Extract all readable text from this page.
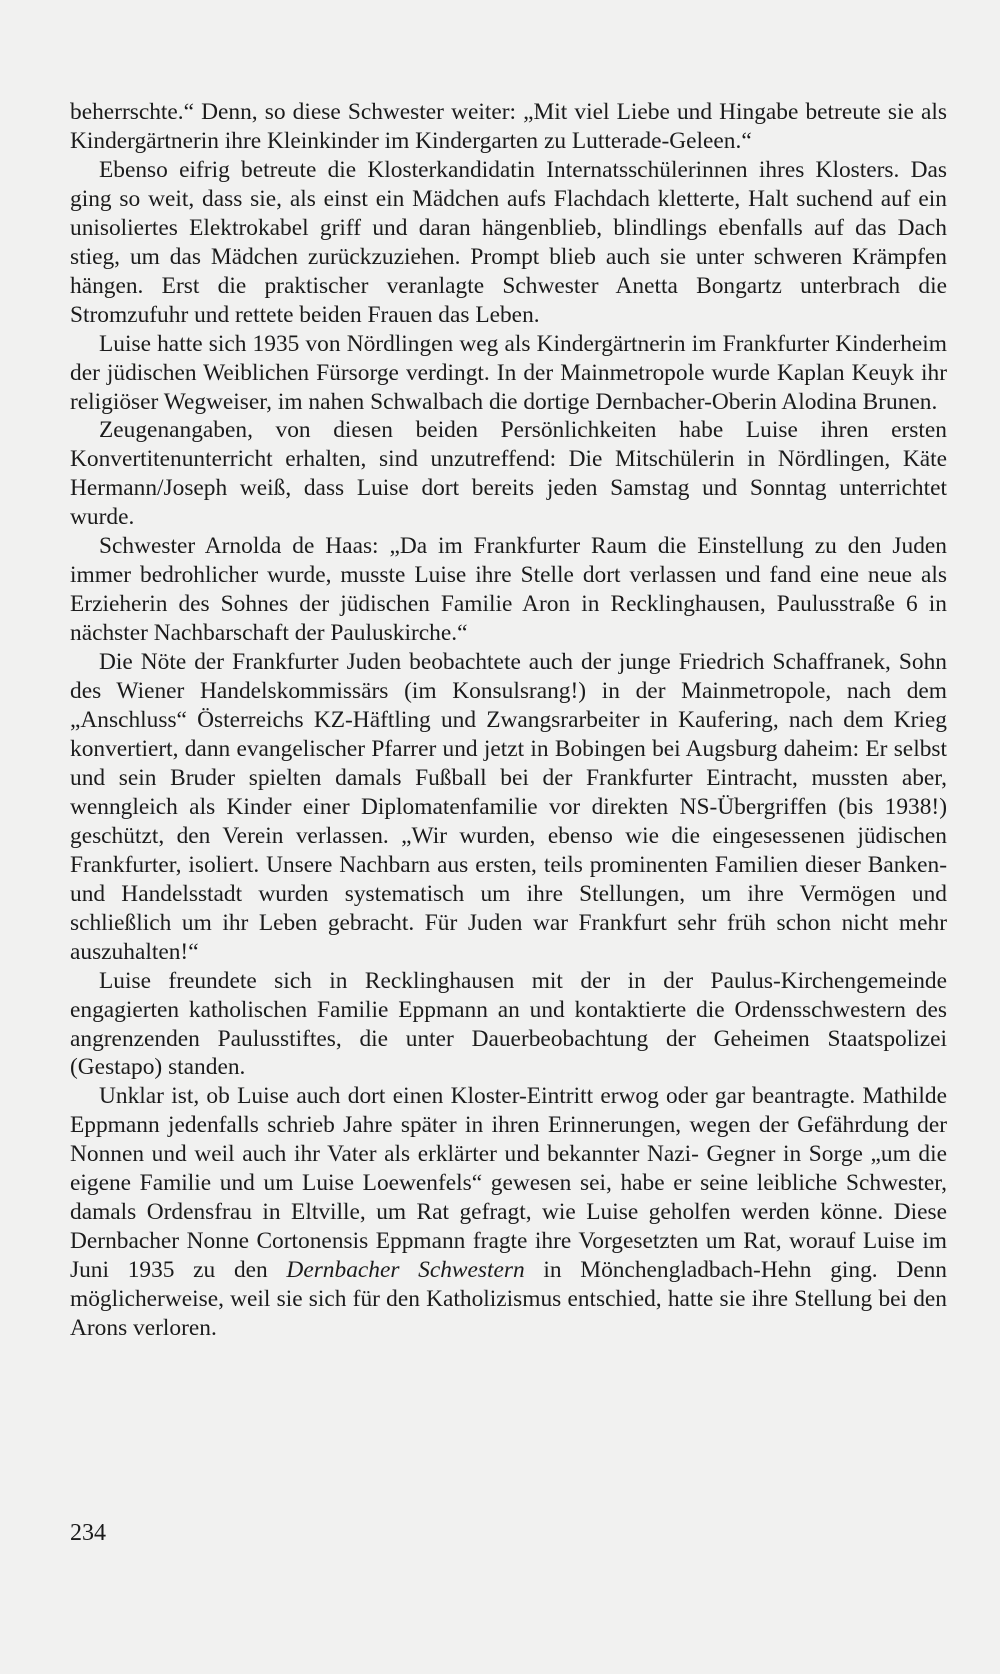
beherrschte.“ Denn, so diese Schwester weiter: „Mit viel Liebe und Hingabe betreute sie als Kindergärtnerin ihre Kleinkinder im Kindergarten zu Lutterade-Geleen.“

Ebenso eifrig betreute die Klosterkandidatin Internatsschülerinnen ihres Klosters. Das ging so weit, dass sie, als einst ein Mädchen aufs Flachdach kletterte, Halt suchend auf ein unisoliertes Elektrokabel griff und daran hängenblieb, blindlings ebenfalls auf das Dach stieg, um das Mädchen zurückzuziehen. Prompt blieb auch sie unter schweren Krämpfen hängen. Erst die praktischer veranlagte Schwester Anetta Bongartz unterbrach die Stromzufuhr und rettete beiden Frauen das Leben.

Luise hatte sich 1935 von Nördlingen weg als Kindergärtnerin im Frankfurter Kinderheim der jüdischen Weiblichen Fürsorge verdingt. In der Mainmetropole wurde Kaplan Keuyk ihr religiöser Wegweiser, im nahen Schwalbach die dortige Dernbacher-Oberin Alodina Brunen.

Zeugenangaben, von diesen beiden Persönlichkeiten habe Luise ihren ersten Konvertitenunterricht erhalten, sind unzutreffend: Die Mitschülerin in Nördlingen, Käte Hermann/Joseph weiß, dass Luise dort bereits jeden Samstag und Sonntag unterrichtet wurde.

Schwester Arnolda de Haas: „Da im Frankfurter Raum die Einstellung zu den Juden immer bedrohlicher wurde, musste Luise ihre Stelle dort verlassen und fand eine neue als Erzieherin des Sohnes der jüdischen Familie Aron in Recklinghausen, Paulusstraße 6 in nächster Nachbarschaft der Pauluskirche.“

Die Nöte der Frankfurter Juden beobachtete auch der junge Friedrich Schaffranek, Sohn des Wiener Handelskommissärs (im Konsulsrang!) in der Mainmetropole, nach dem „Anschluss“ Österreichs KZ-Häftling und Zwangsrarbeiter in Kaufering, nach dem Krieg konvertiert, dann evangelischer Pfarrer und jetzt in Bobingen bei Augsburg daheim: Er selbst und sein Bruder spielten damals Fußball bei der Frankfurter Eintracht, mussten aber, wenngleich als Kinder einer Diplomatenfamilie vor direkten NS-Übergriffen (bis 1938!) geschützt, den Verein verlassen. „Wir wurden, ebenso wie die eingesessenen jüdischen Frankfurter, isoliert. Unsere Nachbarn aus ersten, teils prominenten Familien dieser Banken- und Handelsstadt wurden systematisch um ihre Stellungen, um ihre Vermögen und schließlich um ihr Leben gebracht. Für Juden war Frankfurt sehr früh schon nicht mehr auszuhalten!“

Luise freundete sich in Recklinghausen mit der in der Paulus-Kirchengemeinde engagierten katholischen Familie Eppmann an und kontaktierte die Ordensschwestern des angrenzenden Paulusstiftes, die unter Dauerbeobachtung der Geheimen Staatspolizei (Gestapo) standen.

Unklar ist, ob Luise auch dort einen Kloster-Eintritt erwog oder gar beantragte. Mathilde Eppmann jedenfalls schrieb Jahre später in ihren Erinnerungen, wegen der Gefährdung der Nonnen und weil auch ihr Vater als erklärter und bekannter Nazi- Gegner in Sorge „um die eigene Familie und um Luise Loewenfels“ gewesen sei, habe er seine leibliche Schwester, damals Ordensfrau in Eltville, um Rat gefragt, wie Luise geholfen werden könne. Diese Dernbacher Nonne Cortonensis Eppmann fragte ihre Vorgesetzten um Rat, worauf Luise im Juni 1935 zu den Dernbacher Schwestern in Mönchengladbach-Hehn ging. Denn möglicherweise, weil sie sich für den Katholizismus entschied, hatte sie ihre Stellung bei den Arons verloren.

234
